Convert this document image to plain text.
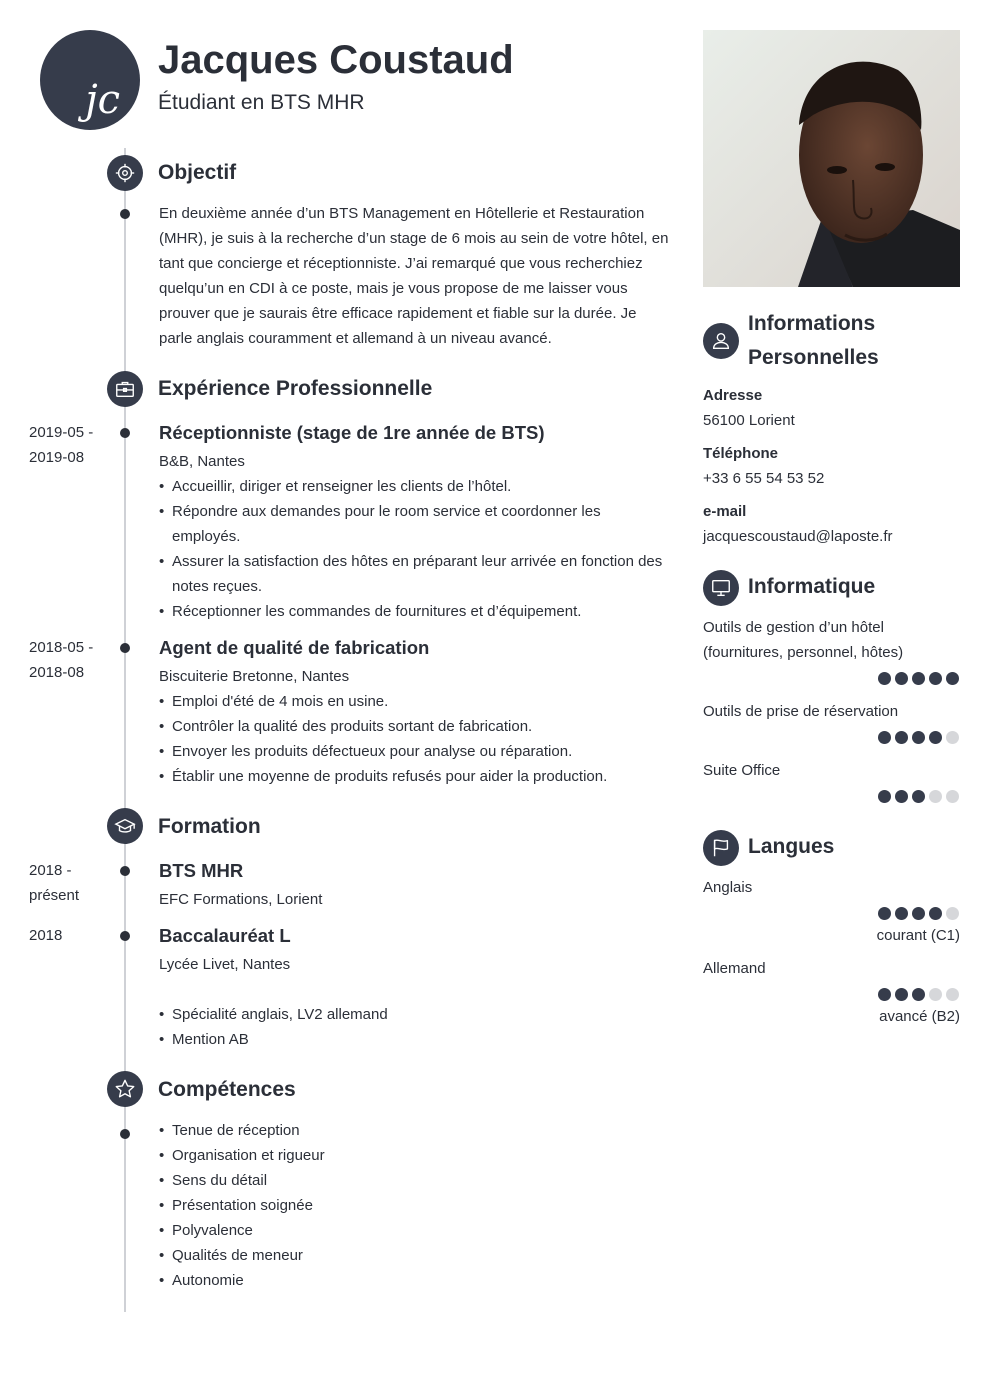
jc
Jacques Coustaud
Étudiant en BTS MHR
Objectif
En deuxième année d’un BTS Management en Hôtellerie et Restauration (MHR), je suis à la recherche d’un stage de 6 mois au sein de votre hôtel, en tant que concierge et réceptionniste. J’ai remarqué que vous recherchiez quelqu’un en CDI à ce poste, mais je vous propose de me laisser vous prouver que je saurais être efficace rapidement et fiable sur la durée. Je parle anglais couramment et allemand à un niveau avancé.
Expérience Professionnelle
2019-05 -
2019-08
Réceptionniste (stage de 1re année de BTS)
B&B, Nantes
• Accueillir, diriger et renseigner les clients de l’hôtel.
• Répondre aux demandes pour le room service et coordonner les employés.
• Assurer la satisfaction des hôtes en préparant leur arrivée en fonction des notes reçues.
• Réceptionner les commandes de fournitures et d’équipement.
2018-05 -
2018-08
Agent de qualité de fabrication
Biscuiterie Bretonne, Nantes
• Emploi d'été de 4 mois en usine.
• Contrôler la qualité des produits sortant de fabrication.
• Envoyer les produits défectueux pour analyse ou réparation.
• Établir une moyenne de produits refusés pour aider la production.
Formation
2018 -
présent
BTS MHR
EFC Formations, Lorient
2018	Baccalauréat L
Lycée Livet, Nantes
• Spécialité anglais, LV2 allemand
• Mention AB
Compétences
• Tenue de réception
• Organisation et rigueur
• Sens du détail
• Présentation soignée
• Polyvalence
• Qualités de meneur
• Autonomie
Informations
Personnelles
Adresse
56100 Lorient
Téléphone
+33 6 55 54 53 52
e-mail
jacquescoustaud@laposte.fr
Informatique
Outils de gestion d’un hôtel
(fournitures, personnel, hôtes)
Outils de prise de réservation
Suite Office
Langues
Anglais
courant (C1)
Allemand
avancé (B2)
